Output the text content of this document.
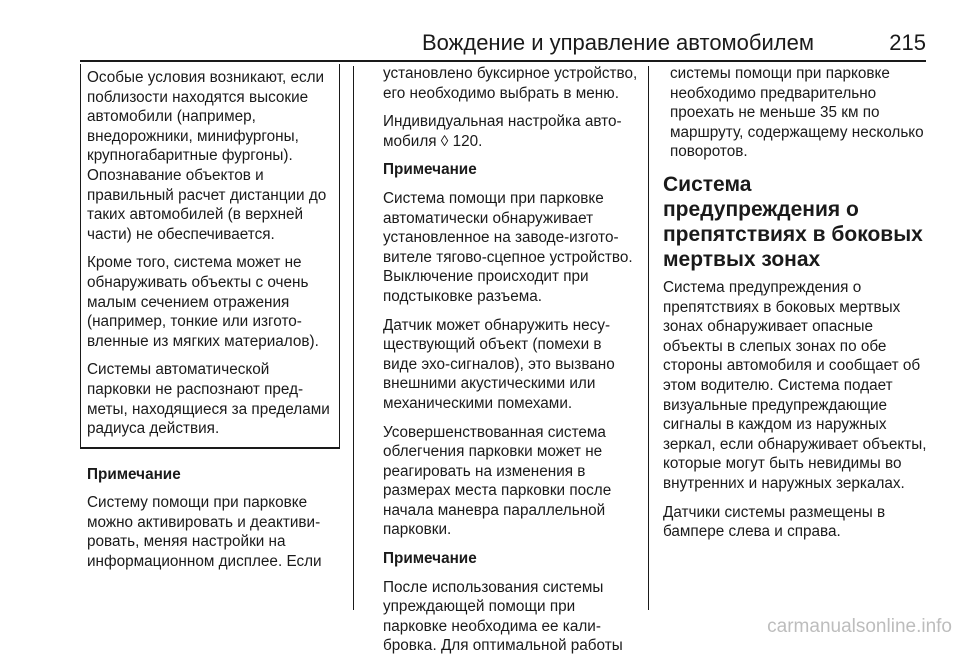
Вождение и управление автомобилем	215

Особые условия возникают, если поблизости находятся высокие автомобили (например, внедорожники, минифургоны, крупногабаритные фургоны). Опознавание объектов и правильный расчет дистанции до таких автомобилей (в верхней части) не обеспечивается.

Кроме того, система может не обнаруживать объекты с очень малым сечением отражения (например, тонкие или изготовленные из мягких материалов).

Системы автоматической парковки не распознают предметы, находящиеся за пределами радиуса действия.

Примечание

Систему помощи при парковке можно активировать и деактивировать, меняя настройки на информационном дисплее. Если

установлено буксирное устройство, его необходимо выбрать в меню.

Индивидуальная настройка автомобиля ◊ 120.

Примечание

Система помощи при парковке автоматически обнаруживает установленное на заводе-изготовителе тягово-сцепное устройство. Выключение происходит при подстыковке разъема.

Датчик может обнаружить несуществующий объект (помехи в виде эхо-сигналов), это вызвано внешними акустическими или механическими помехами.

Усовершенствованная система облегчения парковки может не реагировать на изменения в размерах места парковки после начала маневра параллельной парковки.

Примечание

После использования системы упреждающей помощи при парковке необходима ее калибровка. Для оптимальной работы

системы помощи при парковке необходимо предварительно проехать не меньше 35 км по маршруту, содержащему несколько поворотов.

Система предупреждения о препятствиях в боковых мертвых зонах

Система предупреждения о препятствиях в боковых мертвых зонах обнаруживает опасные объекты в слепых зонах по обе стороны автомобиля и сообщает об этом водителю. Система подает визуальные предупреждающие сигналы в каждом из наружных зеркал, если обнаруживает объекты, которые могут быть невидимы во внутренних и наружных зеркалах.

Датчики системы размещены в бампере слева и справа.

carmanualsonline.info
